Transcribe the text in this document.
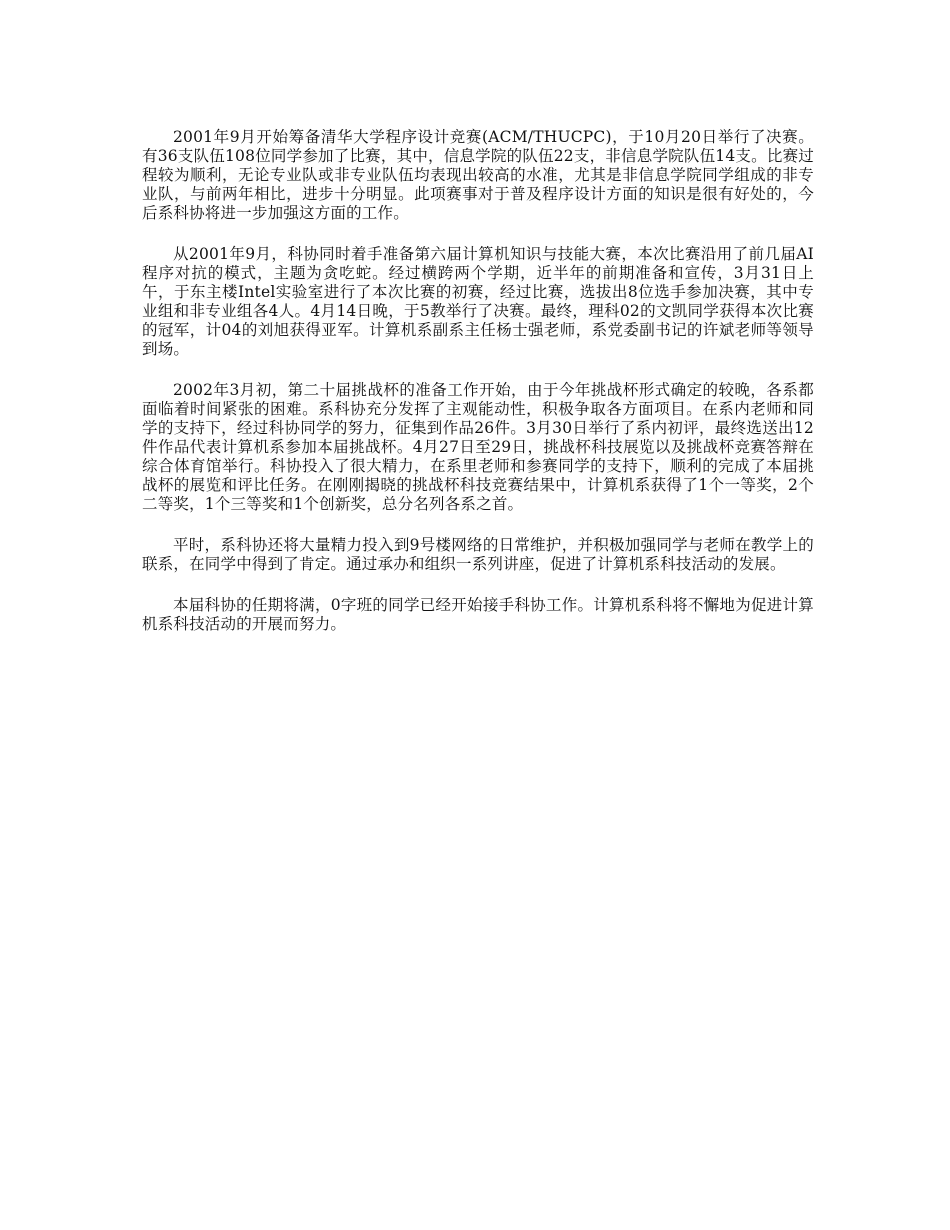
2001年9月开始筹备清华大学程序设计竞赛(ACM/THUCPC)，于10月20日举行了决赛。有36支队伍108位同学参加了比赛，其中，信息学院的队伍22支，非信息学院队伍14支。比赛过程较为顺利，无论专业队或非专业队伍均表现出较高的水准，尤其是非信息学院同学组成的非专业队，与前两年相比，进步十分明显。此项赛事对于普及程序设计方面的知识是很有好处的，今后系科协将进一步加强这方面的工作。

从2001年9月，科协同时着手准备第六届计算机知识与技能大赛，本次比赛沿用了前几届AI程序对抗的模式，主题为贪吃蛇。经过横跨两个学期，近半年的前期准备和宣传，3月31日上午，于东主楼Intel实验室进行了本次比赛的初赛，经过比赛，选拔出8位选手参加决赛，其中专业组和非专业组各4人。4月14日晚，于5教举行了决赛。最终，理科02的文凯同学获得本次比赛的冠军，计04的刘旭获得亚军。计算机系副系主任杨士强老师，系党委副书记的许斌老师等领导到场。

2002年3月初，第二十届挑战杯的准备工作开始，由于今年挑战杯形式确定的较晚，各系都面临着时间紧张的困难。系科协充分发挥了主观能动性，积极争取各方面项目。在系内老师和同学的支持下，经过科协同学的努力，征集到作品26件。3月30日举行了系内初评，最终选送出12件作品代表计算机系参加本届挑战杯。4月27日至29日，挑战杯科技展览以及挑战杯竞赛答辩在综合体育馆举行。科协投入了很大精力，在系里老师和参赛同学的支持下，顺利的完成了本届挑战杯的展览和评比任务。在刚刚揭晓的挑战杯科技竞赛结果中，计算机系获得了1个一等奖，2个二等奖，1个三等奖和1个创新奖，总分名列各系之首。

平时，系科协还将大量精力投入到9号楼网络的日常维护，并积极加强同学与老师在教学上的联系，在同学中得到了肯定。通过承办和组织一系列讲座，促进了计算机系科技活动的发展。

本届科协的任期将满，0字班的同学已经开始接手科协工作。计算机系科将不懈地为促进计算机系科技活动的开展而努力。
